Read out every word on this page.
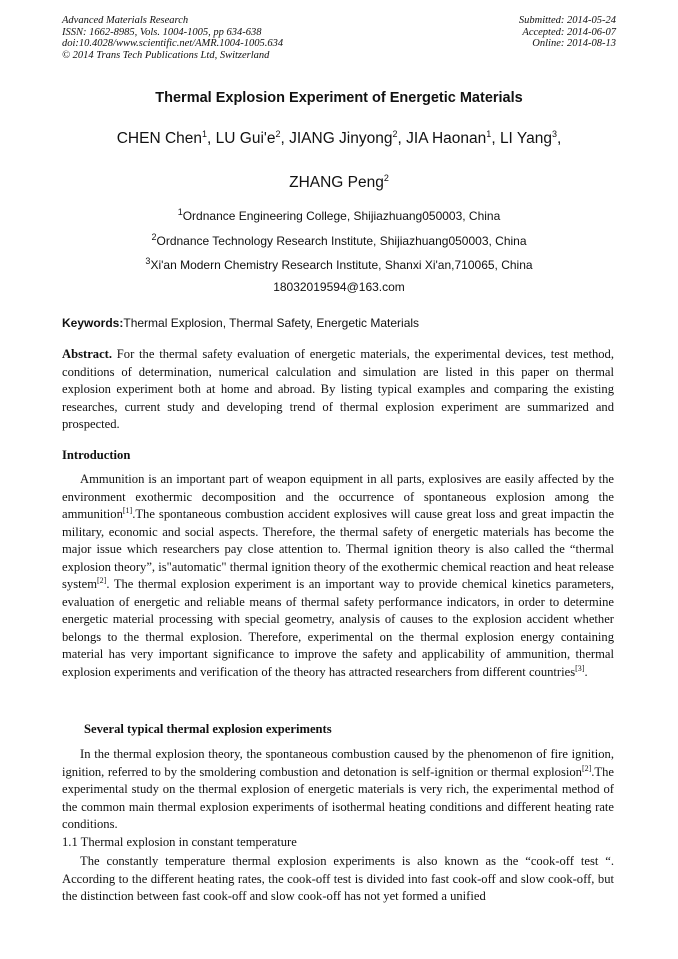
Advanced Materials Research
ISSN: 1662-8985, Vols. 1004-1005, pp 634-638
doi:10.4028/www.scientific.net/AMR.1004-1005.634
© 2014 Trans Tech Publications Ltd, Switzerland
Submitted: 2014-05-24
Accepted: 2014-06-07
Online: 2014-08-13
Thermal Explosion Experiment of Energetic Materials
CHEN Chen$^1$, LU $Gui'e^2$, JIANG Jinyong$^2$, JIA Haonan$^1$, LI Yang$^3$,
ZHANG Peng$^2$
$^1$Ordnance Engineering College, Shijiazhuang050003, China
$^2$Ordnance Technology Research Institute, Shijiazhuang050003, China
$^3$Xi'an Modern Chemistry Research Institute, Shanxi Xi'an,710065, China
18032019594@163.com
Keywords:Thermal Explosion, Thermal Safety, Energetic Materials
Abstract. For the thermal safety evaluation of energetic materials, the experimental devices, test method, conditions of determination, numerical calculation and simulation are listed in this paper on thermal explosion experiment both at home and abroad. By listing typical examples and comparing the existing researches, current study and developing trend of thermal explosion experiment are summarized and prospected.
Introduction
Ammunition is an important part of weapon equipment in all parts, explosives are easily affected by the environment exothermic decomposition and the occurrence of spontaneous explosion among the ammunition[1].The spontaneous combustion accident explosives will cause great loss and great impactin the military, economic and social aspects. Therefore, the thermal safety of energetic materials has become the major issue which researchers pay close attention to. Thermal ignition theory is also called the “thermal explosion theory”, is"automatic" thermal ignition theory of the exothermic chemical reaction and heat release system[2]. The thermal explosion experiment is an important way to provide chemical kinetics parameters, evaluation of energetic and reliable means of thermal safety performance indicators, in order to determine energetic material processing with special geometry, analysis of causes to the explosion accident whether belongs to the thermal explosion. Therefore, experimental on the thermal explosion energy containing material has very important significance to improve the safety and applicability of ammunition, thermal explosion experiments and verification of the theory has attracted researchers from different countries[3].
Several typical thermal explosion experiments
In the thermal explosion theory, the spontaneous combustion caused by the phenomenon of fire ignition, ignition, referred to by the smoldering combustion and detonation is self-ignition or thermal explosion[2].The experimental study on the thermal explosion of energetic materials is very rich, the experimental method of the common main thermal explosion experiments of isothermal heating conditions and different heating rate conditions.
1.1 Thermal explosion in constant temperature
The constantly temperature thermal explosion experiments is also known as the “cook-off test “. According to the different heating rates, the cook-off test is divided into fast cook-off and slow cook-off, but the distinction between fast cook-off and slow cook-off has not yet formed a unified
